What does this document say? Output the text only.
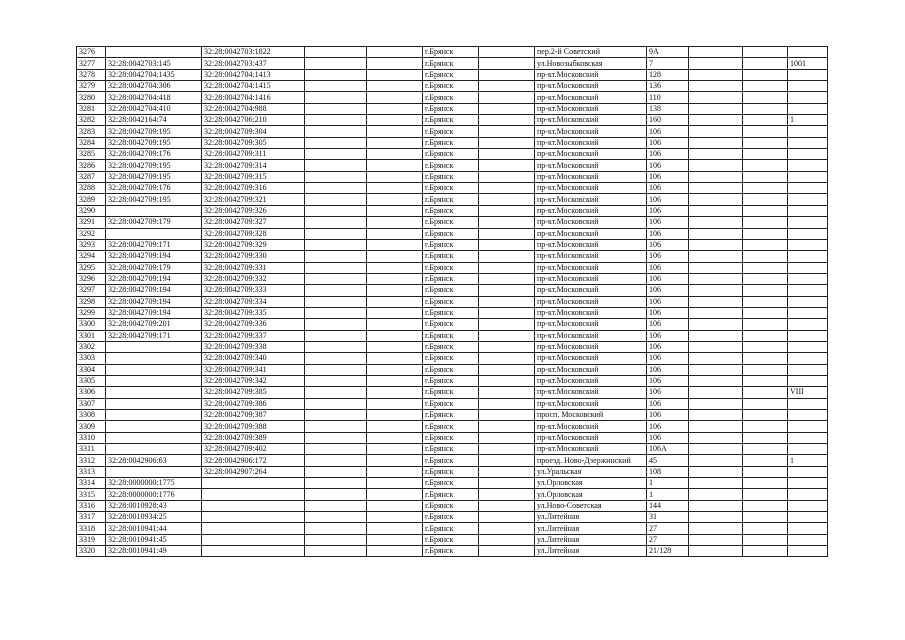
3276		32:28:0042703:1822			г.Брянск		пер.2-й Советский	9А			
3277	32:28:0042703:145	32:28:0042703:437			г.Брянск		ул.Новозыбковская	7			1001
3278	32:28:0042704:1435	32:28:0042704:1413			г.Брянск		пр-кт.Московский	128			
3279	32:28:0042704:306	32:28:0042704:1415			г.Брянск		пр-кт.Московский	136			
3280	32:28:0042704:418	32:28:0042704:1416			г.Брянск		пр-кт.Московский	110			
3281	32:28:0042704:410	32:28:0042704:988			г.Брянск		пр-кт.Московский	138			
3282	32:28:0042164:74	32:28:0042706:210			г.Брянск		пр-кт.Московский	160			1
3283	32:28:0042709:195	32:28:0042709:304			г.Брянск		пр-кт.Московский	106			
3284	32:28:0042709:195	32:28:0042709:305			г.Брянск		пр-кт.Московский	106			
3285	32:28:0042709:176	32:28:0042709:311			г.Брянск		пр-кт.Московский	106			
3286	32:28:0042709:195	32:28:0042709:314			г.Брянск		пр-кт.Московский	106			
3287	32:28:0042709:195	32:28:0042709:315			г.Брянск		пр-кт.Московский	106			
3288	32:28:0042709:176	32:28:0042709:316			г.Брянск		пр-кт.Московский	106			
3289	32:28:0042709:195	32:28:0042709:321			г.Брянск		пр-кт.Московский	106			
3290		32:28:0042709:326			г.Брянск		пр-кт.Московский	106			
3291	32:28:0042709:179	32:28:0042709:327			г.Брянск		пр-кт.Московский	106			
3292		32:28:0042709:328			г.Брянск		пр-кт.Московский	106			
3293	32:28:0042709:171	32:28:0042709:329			г.Брянск		пр-кт.Московский	106			
3294	32:28:0042709:194	32:28:0042709:330			г.Брянск		пр-кт.Московский	106			
3295	32:28:0042709:179	32:28:0042709:331			г.Брянск		пр-кт.Московский	106			
3296	32:28:0042709:194	32:28:0042709:332			г.Брянск		пр-кт.Московский	106			
3297	32:28:0042709:194	32:28:0042709:333			г.Брянск		пр-кт.Московский	106			
3298	32:28:0042709:194	32:28:0042709:334			г.Брянск		пр-кт.Московский	106			
3299	32:28:0042709:194	32:28:0042709:335			г.Брянск		пр-кт.Московский	106			
3300	32:28:0042709:201	32:28:0042709:336			г.Брянск		пр-кт.Московский	106			
3301	32:28:0042709:171	32:28:0042709:337			г.Брянск		пр-кт.Московский	106			
3302		32:28:0042709:338			г.Брянск		пр-кт.Московский	106			
3303		32:28:0042709:340			г.Брянск		пр-кт.Московский	106			
3304		32:28:0042709:341			г.Брянск		пр-кт.Московский	106			
3305		32:28:0042709:342			г.Брянск		пр-кт.Московский	106			
3306		32:28:0042709:385			г.Брянск		пр-кт.Московский	106			VIII
3307		32:28:0042709:386			г.Брянск		пр-кт.Московский	106			
3308		32:28:0042709:387			г.Брянск		просп. Московский	106			
3309		32:28:0042709:388			г.Брянск		пр-кт.Московский	106			
3310		32:28:0042709:389			г.Брянск		пр-кт.Московский	106			
3311		32:28:0042709:402			г.Брянск		пр-кт.Московский	106А			
3312	32:28:0042906:63	32:28:0042906:172			г.Брянск		проезд. Ново-Дзержинский	45			1
3313		32:28:0042907:264			г.Брянск		ул.Уральская	108			
3314	32:28:0000000:1775				г.Брянск		ул.Орловская	1			
3315	32:28:0000000:1776				г.Брянск		ул.Орловская	1			
3316	32:28:0010928:43				г.Брянск		ул.Ново-Советская	144			
3317	32:28:0010934:25				г.Брянск		ул.Литейная	31			
3318	32:28:0010941:44				г.Брянск		ул.Литейная	27			
3319	32:28:0010941:45				г.Брянск		ул.Литейная	27			
3320	32:28:0010941:49				г.Брянск		ул.Литейная	21/128			
